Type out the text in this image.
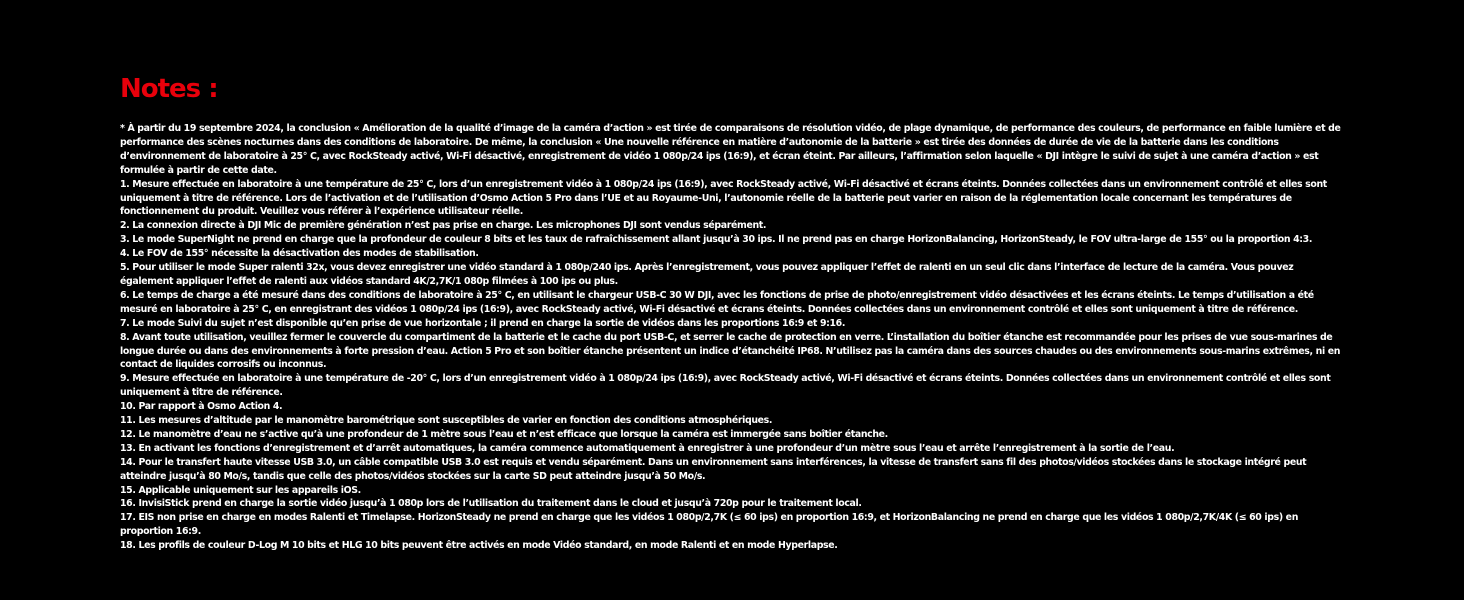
Notes :

* À partir du 19 septembre 2024, la conclusion « Amélioration de la qualité d’image de la caméra d’action » est tirée de comparaisons de résolution vidéo, de plage dynamique, de performance des couleurs, de performance en faible lumière et de performance des scènes nocturnes dans des conditions de laboratoire. De même, la conclusion « Une nouvelle référence en matière d’autonomie de la batterie » est tirée des données de durée de vie de la batterie dans les conditions d’environnement de laboratoire à 25° C, avec RockSteady activé, Wi-Fi désactivé, enregistrement de vidéo 1 080p/24 ips (16:9), et écran éteint. Par ailleurs, l’affirmation selon laquelle « DJI intègre le suivi de sujet à une caméra d’action » est formulée à partir de cette date.

1. Mesure effectuée en laboratoire à une température de 25° C, lors d’un enregistrement vidéo à 1 080p/24 ips (16:9), avec RockSteady activé, Wi-Fi désactivé et écrans éteints. Données collectées dans un environnement contrôlé et elles sont uniquement à titre de référence. Lors de l’activation et de l’utilisation d’Osmo Action 5 Pro dans l’UE et au Royaume-Uni, l’autonomie réelle de la batterie peut varier en raison de la réglementation locale concernant les températures de fonctionnement du produit. Veuillez vous référer à l’expérience utilisateur réelle.

2. La connexion directe à DJI Mic de première génération n’est pas prise en charge. Les microphones DJI sont vendus séparément.

3. Le mode SuperNight ne prend en charge que la profondeur de couleur 8 bits et les taux de rafraîchissement allant jusqu’à 30 ips. Il ne prend pas en charge HorizonBalancing, HorizonSteady, le FOV ultra-large de 155° ou la proportion 4:3.

4. Le FOV de 155° nécessite la désactivation des modes de stabilisation.

5. Pour utiliser le mode Super ralenti 32x, vous devez enregistrer une vidéo standard à 1 080p/240 ips. Après l’enregistrement, vous pouvez appliquer l’effet de ralenti en un seul clic dans l’interface de lecture de la caméra. Vous pouvez également appliquer l’effet de ralenti aux vidéos standard 4K/2,7K/1 080p filmées à 100 ips ou plus.

6. Le temps de charge a été mesuré dans des conditions de laboratoire à 25° C, en utilisant le chargeur USB-C 30 W DJI, avec les fonctions de prise de photo/enregistrement vidéo désactivées et les écrans éteints. Le temps d’utilisation a été mesuré en laboratoire à 25° C, en enregistrant des vidéos 1 080p/24 ips (16:9), avec RockSteady activé, Wi-Fi désactivé et écrans éteints. Données collectées dans un environnement contrôlé et elles sont uniquement à titre de référence.

7. Le mode Suivi du sujet n’est disponible qu’en prise de vue horizontale ; il prend en charge la sortie de vidéos dans les proportions 16:9 et 9:16.

8. Avant toute utilisation, veuillez fermer le couvercle du compartiment de la batterie et le cache du port USB-C, et serrer le cache de protection en verre. L’installation du boîtier étanche est recommandée pour les prises de vue sous-marines de longue durée ou dans des environnements à forte pression d’eau. Action 5 Pro et son boîtier étanche présentent un indice d’étanchéité IP68. N’utilisez pas la caméra dans des sources chaudes ou des environnements sous-marins extrêmes, ni en contact de liquides corrosifs ou inconnus.

9. Mesure effectuée en laboratoire à une température de -20° C, lors d’un enregistrement vidéo à 1 080p/24 ips (16:9), avec RockSteady activé, Wi-Fi désactivé et écrans éteints. Données collectées dans un environnement contrôlé et elles sont uniquement à titre de référence.

10. Par rapport à Osmo Action 4.

11. Les mesures d’altitude par le manomètre barométrique sont susceptibles de varier en fonction des conditions atmosphériques.

12. Le manomètre d’eau ne s’active qu’à une profondeur de 1 mètre sous l’eau et n’est efficace que lorsque la caméra est immergée sans boîtier étanche.

13. En activant les fonctions d’enregistrement et d’arrêt automatiques, la caméra commence automatiquement à enregistrer à une profondeur d’un mètre sous l’eau et arrête l’enregistrement à la sortie de l’eau.

14. Pour le transfert haute vitesse USB 3.0, un câble compatible USB 3.0 est requis et vendu séparément. Dans un environnement sans interférences, la vitesse de transfert sans fil des photos/vidéos stockées dans le stockage intégré peut atteindre jusqu’à 80 Mo/s, tandis que celle des photos/vidéos stockées sur la carte SD peut atteindre jusqu’à 50 Mo/s.

15. Applicable uniquement sur les appareils iOS.

16. InvisiStick prend en charge la sortie vidéo jusqu’à 1 080p lors de l’utilisation du traitement dans le cloud et jusqu’à 720p pour le traitement local.

17. EIS non prise en charge en modes Ralenti et Timelapse. HorizonSteady ne prend en charge que les vidéos 1 080p/2,7K (≤ 60 ips) en proportion 16:9, et HorizonBalancing ne prend en charge que les vidéos 1 080p/2,7K/4K (≤ 60 ips) en proportion 16:9.

18. Les profils de couleur D-Log M 10 bits et HLG 10 bits peuvent être activés en mode Vidéo standard, en mode Ralenti et en mode Hyperlapse.
